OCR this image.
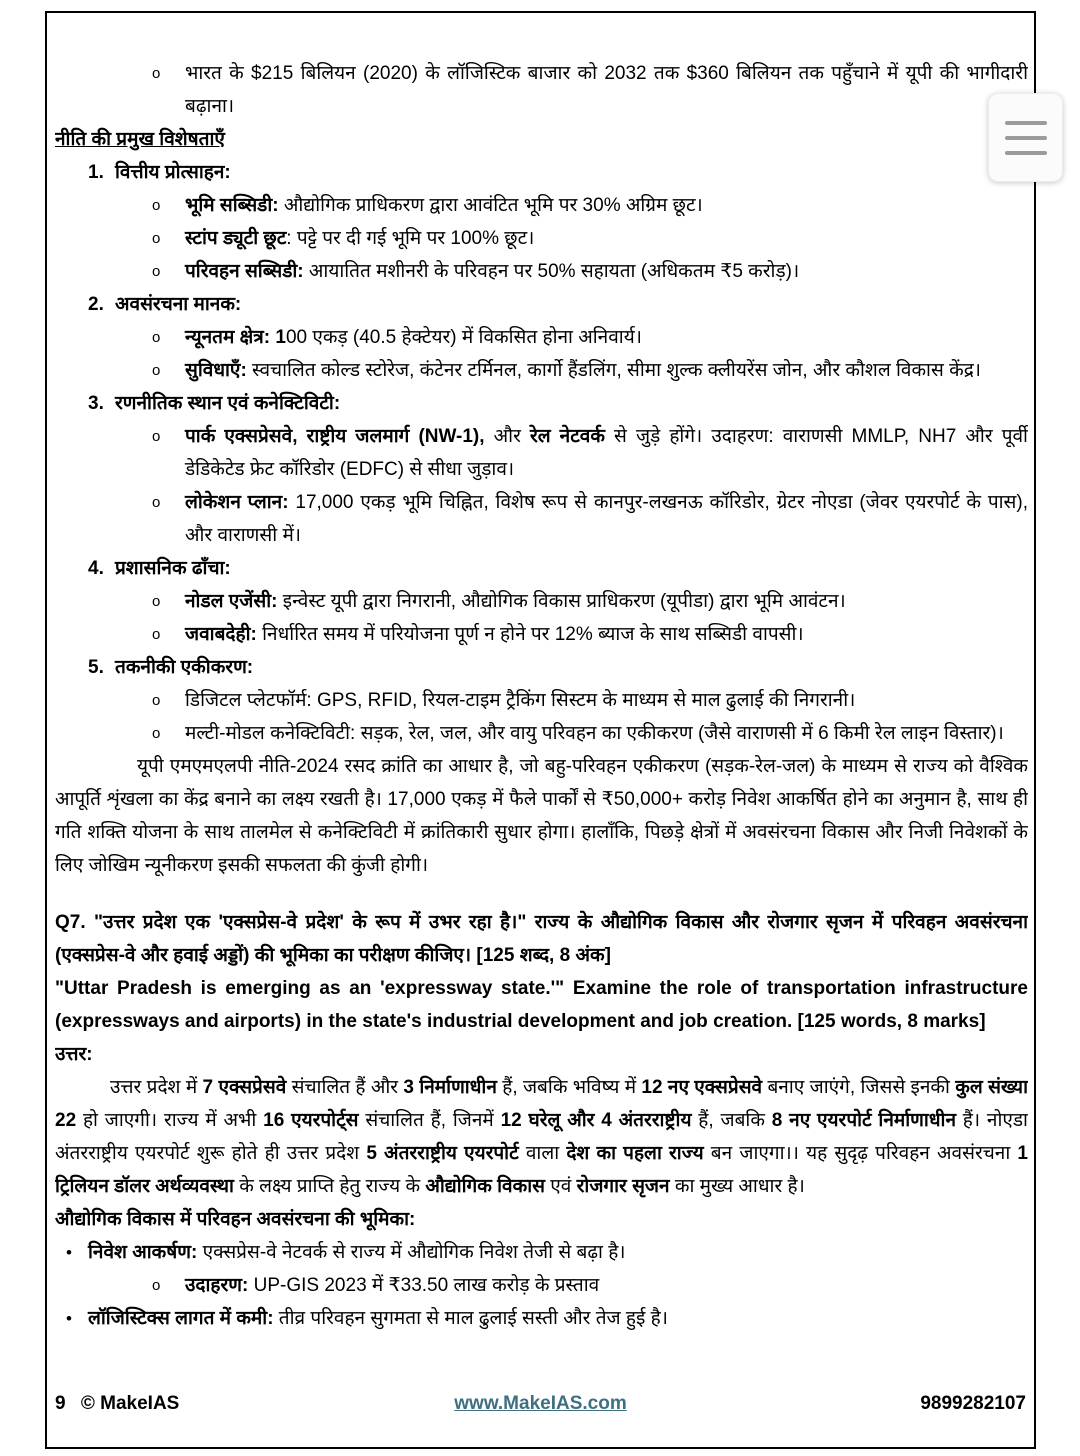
o भारत के $215 बिलियन (2020) के लॉजिस्टिक बाजार को 2032 तक $360 बिलियन तक पहुँचाने में यूपी की भागीदारी बढ़ाना।
नीति की प्रमुख विशेषताएँ
1. वित्तीय प्रोत्साहन:
o भूमि सब्सिडी: औद्योगिक प्राधिकरण द्वारा आवंटित भूमि पर 30% अग्रिम छूट।
o स्टांप ड्यूटी छूट: पट्टे पर दी गई भूमि पर 100% छूट।
o परिवहन सब्सिडी: आयातित मशीनरी के परिवहन पर 50% सहायता (अधिकतम ₹5 करोड़)।
2. अवसंरचना मानक:
o न्यूनतम क्षेत्र: 100 एकड़ (40.5 हेक्टेयर) में विकसित होना अनिवार्य।
o सुविधाएँ: स्वचालित कोल्ड स्टोरेज, कंटेनर टर्मिनल, कार्गो हैंडलिंग, सीमा शुल्क क्लीयरेंस जोन, और कौशल विकास केंद्र।
3. रणनीतिक स्थान एवं कनेक्टिविटी:
o पार्क एक्सप्रेसवे, राष्ट्रीय जलमार्ग (NW-1), और रेल नेटवर्क से जुड़े होंगे। उदाहरण: वाराणसी MMLP, NH7 और पूर्वी डेडिकेटेड फ्रेट कॉरिडोर (EDFC) से सीधा जुड़ाव।
o लोकेशन प्लान: 17,000 एकड़ भूमि चिह्नित, विशेष रूप से कानपुर-लखनऊ कॉरिडोर, ग्रेटर नोएडा (जेवर एयरपोर्ट के पास), और वाराणसी में।
4. प्रशासनिक ढाँचा:
o नोडल एजेंसी: इन्वेस्ट यूपी द्वारा निगरानी, औद्योगिक विकास प्राधिकरण (यूपीडा) द्वारा भूमि आवंटन।
o जवाबदेही: निर्धारित समय में परियोजना पूर्ण न होने पर 12% ब्याज के साथ सब्सिडी वापसी।
5. तकनीकी एकीकरण:
o डिजिटल प्लेटफॉर्म: GPS, RFID, रियल-टाइम ट्रैकिंग सिस्टम के माध्यम से माल ढुलाई की निगरानी।
o मल्टी-मोडल कनेक्टिविटी: सड़क, रेल, जल, और वायु परिवहन का एकीकरण (जैसे वाराणसी में 6 किमी रेल लाइन विस्तार)।

यूपी एमएमएलपी नीति-2024 रसद क्रांति का आधार है, जो बहु-परिवहन एकीकरण (सड़क-रेल-जल) के माध्यम से राज्य को वैश्विक आपूर्ति शृंखला का केंद्र बनाने का लक्ष्य रखती है। 17,000 एकड़ में फैले पार्कों से ₹50,000+ करोड़ निवेश आकर्षित होने का अनुमान है, साथ ही गति शक्ति योजना के साथ तालमेल से कनेक्टिविटी में क्रांतिकारी सुधार होगा। हालाँकि, पिछड़े क्षेत्रों में अवसंरचना विकास और निजी निवेशकों के लिए जोखिम न्यूनीकरण इसकी सफलता की कुंजी होगी।

Q7. "उत्तर प्रदेश एक 'एक्सप्रेस-वे प्रदेश' के रूप में उभर रहा है।" राज्य के औद्योगिक विकास और रोजगार सृजन में परिवहन अवसंरचना (एक्सप्रेस-वे और हवाई अड्डों) की भूमिका का परीक्षण कीजिए। [125 शब्द, 8 अंक]

"Uttar Pradesh is emerging as an 'expressway state.'" Examine the role of transportation infrastructure (expressways and airports) in the state's industrial development and job creation. [125 words, 8 marks]

उत्तर:

उत्तर प्रदेश में 7 एक्सप्रेसवे संचालित हैं और 3 निर्माणाधीन हैं, जबकि भविष्य में 12 नए एक्सप्रेसवे बनाए जाएंगे, जिससे इनकी कुल संख्या 22 हो जाएगी। राज्य में अभी 16 एयरपोर्ट्स संचालित हैं, जिनमें 12 घरेलू और 4 अंतरराष्ट्रीय हैं, जबकि 8 नए एयरपोर्ट निर्माणाधीन हैं। नोएडा अंतरराष्ट्रीय एयरपोर्ट शुरू होते ही उत्तर प्रदेश 5 अंतरराष्ट्रीय एयरपोर्ट वाला देश का पहला राज्य बन जाएगा।। यह सुदृढ़ परिवहन अवसंरचना 1 ट्रिलियन डॉलर अर्थव्यवस्था के लक्ष्य प्राप्ति हेतु राज्य के औद्योगिक विकास एवं रोजगार सृजन का मुख्य आधार है।

औद्योगिक विकास में परिवहन अवसंरचना की भूमिका:
• निवेश आकर्षण: एक्सप्रेस-वे नेटवर्क से राज्य में औद्योगिक निवेश तेजी से बढ़ा है।
o उदाहरण: UP-GIS 2023 में ₹33.50 लाख करोड़ के प्रस्ताव
• लॉजिस्टिक्स लागत में कमी: तीव्र परिवहन सुगमता से माल ढुलाई सस्ती और तेज हुई है।
9 © MakeIAS	www.MakeIAS.com	9899282107
